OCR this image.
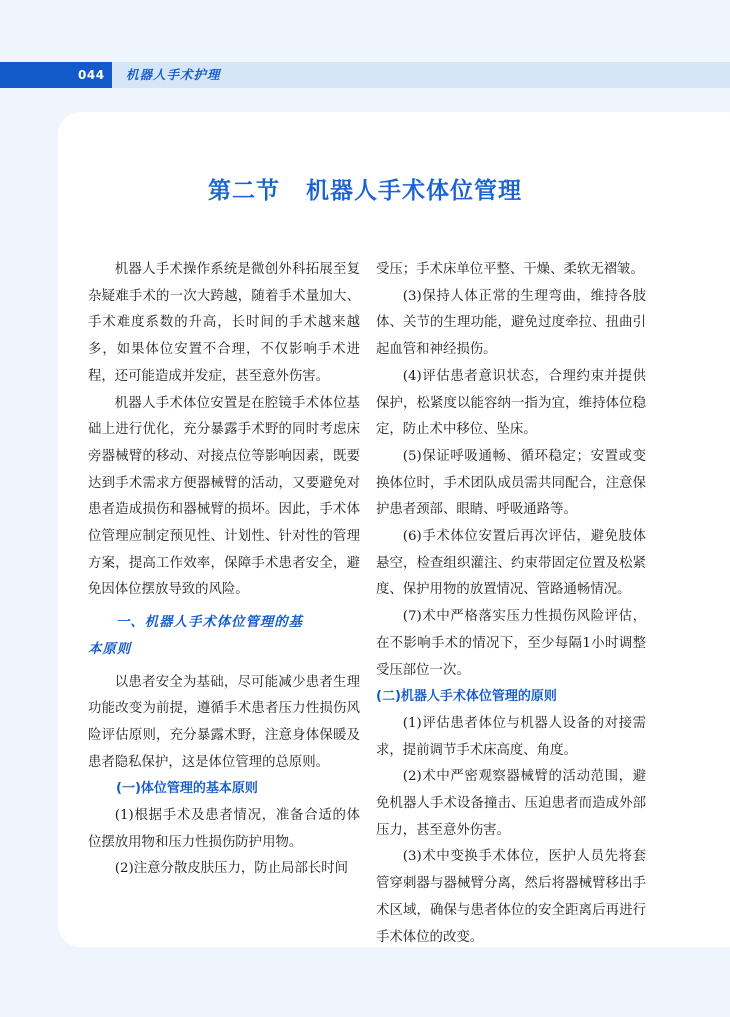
044 机器人手术护理
第二节 机器人手术体位管理

机器人手术操作系统是微创外科拓展至复杂疑难手术的一次大跨越，随着手术量加大、手术难度系数的升高，长时间的手术越来越多，如果体位安置不合理，不仅影响手术进程，还可能造成并发症，甚至意外伤害。

机器人手术体位安置是在腔镜手术体位基础上进行优化，充分暴露手术野的同时考虑床旁器械臂的移动、对接点位等影响因素，既要达到手术需求方便器械臂的活动，又要避免对患者造成损伤和器械臂的损坏。因此，手术体位管理应制定预见性、计划性、针对性的管理方案，提高工作效率，保障手术患者安全，避免因体位摆放导致的风险。

一、机器人手术体位管理的基
本原则

以患者安全为基础，尽可能减少患者生理功能改变为前提，遵循手术患者压力性损伤风险评估原则，充分暴露术野，注意身体保暖及患者隐私保护，这是体位管理的总原则。

(一)体位管理的基本原则

(1)根据手术及患者情况，准备合适的体位摆放用物和压力性损伤防护用物。

(2)注意分散皮肤压力，防止局部长时间

受压；手术床单位平整、干燥、柔软无褶皱。

(3)保持人体正常的生理弯曲，维持各肢体、关节的生理功能，避免过度牵拉、扭曲引起血管和神经损伤。

(4)评估患者意识状态，合理约束并提供保护，松紧度以能容纳一指为宜，维持体位稳定，防止术中移位、坠床。

(5)保证呼吸通畅、循环稳定；安置或变换体位时，手术团队成员需共同配合，注意保护患者颈部、眼睛、呼吸通路等。

(6)手术体位安置后再次评估，避免肢体悬空，检查组织灌注、约束带固定位置及松紧度、保护用物的放置情况、管路通畅情况。

(7)术中严格落实压力性损伤风险评估，在不影响手术的情况下，至少每隔1小时调整受压部位一次。

(二)机器人手术体位管理的原则

(1)评估患者体位与机器人设备的对接需求，提前调节手术床高度、角度。

(2)术中严密观察器械臂的活动范围，避免机器人手术设备撞击、压迫患者而造成外部压力，甚至意外伤害。

(3)术中变换手术体位，医护人员先将套管穿刺器与器械臂分离，然后将器械臂移出手术区域，确保与患者体位的安全距离后再进行手术体位的改变。
